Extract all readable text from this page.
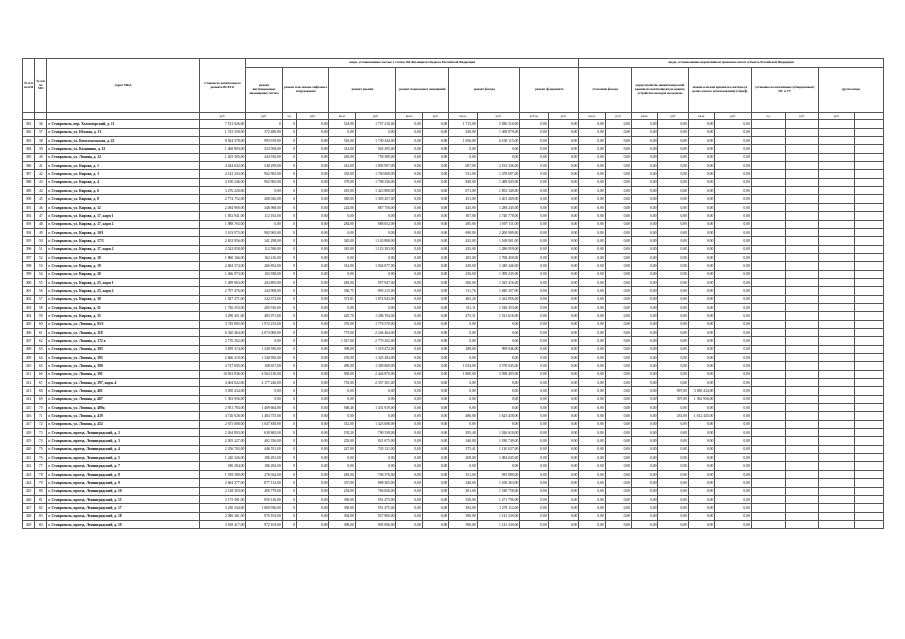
№ п/п по КП	№ п/п по МО	Адрес МКД	Стоимость капитального ремонта ВСЕГО	виды, установленные частью 1 статьи 166 Жилищного Кодекса Российской Федерации											виды, установленные нормативным правовым актом субъекта Российской Федерации									
				ремонт внутридомовых инженерных систем	ремонт или замена лифтового оборудования		ремонт крыши		ремонт подвальных помещений		ремонт фасада		ремонт фундамента		утепление фасада		переустройство невентилируемой крыши на вентилируемую крышу, устройство выходов на кровлю		замена плоской крыши на скатную (в целях жилого использования) (тариф)		установка коллективных (общедомовых) ПУ и УУ		другие виды	
			руб.	руб.	ед.	руб.	кв.м.	руб.	кв.м.	руб.	кв.м.	руб.	куб.м.	руб.	кв.м.	руб.	кв.м.	руб.	кв.м.	руб.	ед.	руб.	руб.	
381	36	г. Ставрополь, пер. Холмогорский, д. 11	7 513 026,00	0	0	0,00	524,00	1 757 216,00	0,00	0,00	1 713,00	5 830 310,00	0,00	0,00	0,00	0,00	0,00	0,00	0,00	0,00				
382	37	г. Ставрополь, ул. Южная, д. 13	1 741 359,00	372 480,00	0	0,00	0,00	0,00	0,00	0,00	430,00	1 368 879,00	0,00	0,00	0,00	0,00	0,00	0,00	0,00	0,00				
383	38	г. Ставрополь, ул. Комсомольская, д. 22	8 824 378,00	993 919,00	0	0,00	516,00	1 730 344,00	0,00	0,00	1 856,00	6 100 115,00	0,00	0,00	0,00	0,00	0,00	0,00	0,00	0,00				
384	39	г. Ставрополь, ул. Калинина, д. 32	1 468 803,00	523 508,00	0	0,00	314,00	945 295,00	0,00	0,00	0,00	0,00	0,00	0,00	0,00	0,00	0,00	0,00	0,00	0,00				
385	40	г. Ставрополь, ул. Ленина, д. 12	1 203 305,00	444 916,00	0	0,00	265,00	758 389,00	0,00	0,00	0,00	0,00	0,00	0,00	0,00	0,00	0,00	0,00	0,00	0,00				
386	41	г. Ставрополь, ул. Кирова, д. 1	4 634 632,00	548 299,00	0	0,00	414,00	1 893 997,00	0,00	0,00	697,00	2 192 336,00	0,00	0,00	0,00	0,00	0,00	0,00	0,00	0,00				
387	42	г. Ставрополь, ул. Кирова, д. 3	4 142 343,00	902 965,00	0	0,00	335,00	1 760 680,00	0,00	0,00	531,00	1 478 697,00	0,00	0,00	0,00	0,00	0,00	0,00	0,00	0,00				
388	43	г. Ставрополь, ул. Кирова, д. 4	4 190 246,00	902 965,00	0	0,00	379,00	1 798 336,00	0,00	0,00	849,00	1 488 945,00	0,00	0,00	0,00	0,00	0,00	0,00	0,00	0,00				
389	44	г. Ставрополь, ул. Кирова, д. 6	3 276 220,00	0,00	0	0,00	419,00	1 423 880,00	0,00	0,00	671,00	1 852 340,00	0,00	0,00	0,00	0,00	0,00	0,00	0,00	0,00				
390	45	г. Ставрополь, ул. Кирова, д. 8	2 774 752,00	268 026,00	0	0,00	385,00	1 305 457,00	0,00	0,00	451,00	1 201 269,00	0,00	0,00	0,00	0,00	0,00	0,00	0,00	0,00				
391	46	г. Ставрополь, ул. Кирова, д. 12	2 494 969,00	346 968,00	0	0,00	224,00	867 756,00	0,00	0,00	445,00	1 280 245,00	0,00	0,00	0,00	0,00	0,00	0,00	0,00	0,00				
392	47	г. Ставрополь, ул. Кирова, д. 17, корп 1	1 852 941,00	112 163,00	0	0,00	0,00	0,00	0,00	0,00	307,00	1 740 778,00	0,00	0,00	0,00	0,00	0,00	0,00	0,00	0,00				
393	48	г. Ставрополь, ул. Кирова, д. 17, корп 2	1 888 763,00	0,00	0	0,00	284,00	888 652,00	0,00	0,00	295,00	1 007 111,00	0,00	0,00	0,00	0,00	0,00	0,00	0,00	0,00				
394	49	г. Ставрополь, ул. Кирова, д. 10/1	3 103 975,00	902 965,00	0	0,00	0,00	0,00	0,00	0,00	690,00	2 200 989,00	0,00	0,00	0,00	0,00	0,00	0,00	0,00	0,00				
395	50	г. Ставрополь, ул. Кирова, д. 17/3	2 652 956,00	341 298,00	0	0,00	345,00	1 143 898,00	0,00	0,00	435,00	1 168 901,00	0,00	0,00	0,00	0,00	0,00	0,00	0,00	0,00				
396	51	г. Ставрополь, ул. Кирова, д. 17, корп 2	2 522 858,00	112 596,00	0	0,00	345,00	1 123 303,00	0,00	0,00	435,00	1 286 959,00	0,00	0,00	0,00	0,00	0,00	0,00	0,00	0,00				
397	52	г. Ставрополь, ул. Кирова, д. 18	1 860 166,00	162 216,00	0	0,00	0,00	0,00	0,00	0,00	205,00	1 768 450,00	0,00	0,00	0,00	0,00	0,00	0,00	0,00	0,00				
398	53	г. Ставрополь, ул. Кирова, д. 19	2 684 374,00	266 852,00	0	0,00	314,00	1 044 077,00	0,00	0,00	430,00	1 349 446,00	0,00	0,00	0,00	0,00	0,00	0,00	0,00	0,00				
399	54	г. Ставрополь, ул. Кирова, д. 20	1 466 973,00	102 938,00	0	0,00	0,00	0,00	0,00	0,00	256,00	1 399 235,00	0,00	0,00	0,00	0,00	0,00	0,00	0,00	0,00				
400	55	г. Ставрополь, ул. Кирова, д. 23, корп 1	1 489 963,00	204 895,00	0	0,00	283,00	957 947,00	0,00	0,00	306,00	1 025 416,00	0,00	0,00	0,00	0,00	0,00	0,00	0,00	0,00				
401	56	г. Ставрополь, ул. Кирова, д. 23, корп 2	2 797 476,00	244 908,00	0	0,00	330,75	893 215,00	0,00	0,00	511,76	1 840 357,00	0,00	0,00	0,00	0,00	0,00	0,00	0,00	0,00				
402	57	г. Ставрополь, ул. Кирова, д. 30	1 927 371,00	322 372,00	0	0,00	373,81	1 074 943,00	0,00	0,00	465,20	1 432 856,00	0,00	0,00	0,00	0,00	0,00	0,00	0,00	0,00				
403	58	г. Ставрополь, ул. Кирова, д. 31	1 726 353,00	205 916,00	0	0,00	0,00	0,00	0,00	0,00	311,11	1 520 353,00	0,00	0,00	0,00	0,00	0,00	0,00	0,00	0,00				
404	59	г. Ставрополь, ул. Кирова, д. 35	3 290 451,00	483 071,00	0	0,00	425,70	1 286 764,00	0,00	0,00	475,31	1 521 616,00	0,00	0,00	0,00	0,00	0,00	0,00	0,00	0,00				
405	60	г. Ставрополь, ул. Ленина, д. 95/1	3 749 805,00	1 972 233,00	0	0,00	376,00	1 776 570,00	0,00	0,00	0,00	0,00	0,00	0,00	0,00	0,00	0,00	0,00	0,00	0,00				
406	61	г. Ставрополь, ул. Ленина, д. 118	6 320 464,00	4 074 000,00	0	0,00	775,00	2 246 464,00	0,00	0,00	0,00	0,00	0,00	0,00	0,00	0,00	0,00	0,00	0,00	0,00				
407	62	г. Ставрополь, ул. Ленина, д. 172 а	2 770 202,00	0,00	0	0,00	1 027,00	2 770 202,00	0,00	0,00	0,00	0,00	0,00	0,00	0,00	0,00	0,00	0,00	0,00	0,00				
408	63	г. Ставрополь, ул. Ленина, д. 383	3 859 374,00	1 340 956,00	0	0,00	398,00	1 518 472,00	0,00	0,00	288,00	999 946,00	0,00	0,00	0,00	0,00	0,00	0,00	0,00	0,00				
409	64	г. Ставрополь, ул. Ленина, д. 385	2 666 210,00	1 340 956,00	0	0,00	476,00	1 325 284,00	0,00	0,00	0,00	0,00	0,00	0,00	0,00	0,00	0,00	0,00	0,00	0,00				
410	65	г. Ставрополь, ул. Ленина, д. 389	4 727 695,00	108 657,00	0	0,00	490,00	1 390 069,00	0,00	0,00	1 034,00	3 578 945,00	0,00	0,00	0,00	0,00	0,00	0,00	0,00	0,00				
411	66	г. Ставрополь, ул. Ленина, д. 391	10 563 836,00	4 564 130,00	0	0,00	950,00	2 444 870,00	0,00	0,00	1 800,00	3 598 495,00	0,00	0,00	0,00	0,00	0,00	0,00	0,00	0,00				
412	67	г. Ставрополь, ул. Ленина, д. 397, корп. 4	4 404 022,00	2 177 246,00	0	0,00	735,00	2 357 301,00	0,00	0,00	0,00	0,00	0,00	0,00	0,00	0,00	0,00	0,00	0,00	0,00				
413	68	г. Ставрополь, ул. Ленина, д. 401	3 050 434,00	0,00	0	0,00	0,00	0,00	0,00	0,00	0,00	0,00	0,00	0,00	0,00	0,00	0,00	997,00	3 050 434,00	0,00				
414	69	г. Ставрополь, ул. Ленина, д. 407	1 392 956,00	0,00	0	0,00	0,00	0,00	0,00	0,00	0,00	0,00	0,00	0,00	0,00	0,00	0,00	397,00	1 392 956,00	0,00				
415	70	г. Ставрополь, ул. Ленина, д. 409а	2 951 783,00	1 409 664,00	0	0,00	568,40	1 431 919,00	0,00	0,00	0,00	0,00	0,00	0,00	0,00	0,00	0,00	0,00	0,00	0,00				
416	71	г. Ставрополь, ул. Ленина, д. 419	4 720 928,00	1 484 755,00	0	0,00	0,00	0,00	0,00	0,00	486,00	1 623 458,00	0,00	0,00	0,00	0,00	0,00	433,00	1 612 445,00	0,00				
417	72	г. Ставрополь, ул. Ленина, д. 452	2 675 008,00	1 047 838,00	0	0,00	312,00	1 423 608,00	0,00	0,00	0,00	0,00	0,00	0,00	0,00	0,00	0,00	0,00	0,00	0,00				
418	73	г. Ставрополь, проезд. Ленинградский, д. 2	2 264 893,00	638 865,00	0	0,00	195,20	790 338,00	0,00	0,00	295,40	1 026 610,00	0,00	0,00	0,00	0,00	0,00	0,00	0,00	0,00				
419	74	г. Ставрополь, проезд. Ленинградский, д. 3	2 505 227,00	402 356,00	0	0,00	255,00	921 675,00	0,00	0,00	340,00	1 180 749,00	0,00	0,00	0,00	0,00	0,00	0,00	0,00	0,00				
420	75	г. Ставрополь, проезд. Ленинградский, д. 4	2 256 702,00	446 551,00	0	0,00	247,00	745 121,00	0,00	0,00	375,41	1 120 027,00	0,00	0,00	0,00	0,00	0,00	0,00	0,00	0,00				
421	76	г. Ставрополь, проезд. Ленинградский, д. 5	1 220 326,00	186 281,00	0	0,00	0,00	0,00	0,00	0,00	269,00	1 084 045,00	0,00	0,00	0,00	0,00	0,00	0,00	0,00	0,00				
422	77	г. Ставрополь, проезд. Ленинградский, д. 7	186 284,00	186 284,00	0	0,00	0,00	0,00	0,00	0,00	0,00	0,00	0,00	0,00	0,00	0,00	0,00	0,00	0,00	0,00				
423	78	г. Ставрополь, проезд. Ленинградский, д. 8	1 918 380,00	276 024,00	0	0,00	283,00	706 376,00	0,00	0,00	351,00	935 980,00	0,00	0,00	0,00	0,00	0,00	0,00	0,00	0,00				
424	79	г. Ставрополь, проезд. Ленинградский, д. 9	2 604 377,00	877 133,00	0	0,00	337,00	898 305,00	0,00	0,00	340,00	1 108 363,00	0,00	0,00	0,00	0,00	0,00	0,00	0,00	0,00				
425	80	г. Ставрополь, проезд. Ленинградский, д. 10	2 128 303,00	400 779,00	0	0,00	254,00	766 826,00	0,00	0,00	301,00	1 180 758,00	0,00	0,00	0,00	0,00	0,00	0,00	0,00	0,00				
426	81	г. Ставрополь, проезд. Ленинградский, д. 15	3 175 381,00	850 126,00	0	0,00	350,00	951 475,00	0,00	0,00	350,00	1 271 796,00	0,00	0,00	0,00	0,00	0,00	0,00	0,00	0,00				
427	82	г. Ставрополь, проезд. Ленинградский, д. 17	3 230 344,00	1 060 936,00	0	0,00	350,00	951 475,00	0,00	0,00	392,00	1 278 112,00	0,00	0,00	0,00	0,00	0,00	0,00	0,00	0,00				
428	83	г. Ставрополь, проезд. Ленинградский, д. 18	2 946 361,00	876 103,00	0	0,00	304,00	927 960,00	0,00	0,00	390,00	1 141 330,00	0,00	0,00	0,00	0,00	0,00	0,00	0,00	0,00				
429	84	г. Ставрополь, проезд. Ленинградский, д. 19	3 018 417,00	972 103,00	0	0,00	309,00	905 006,00	0,00	0,00	390,00	1 141 330,00	0,00	0,00	0,00	0,00	0,00	0,00	0,00	0,00				
